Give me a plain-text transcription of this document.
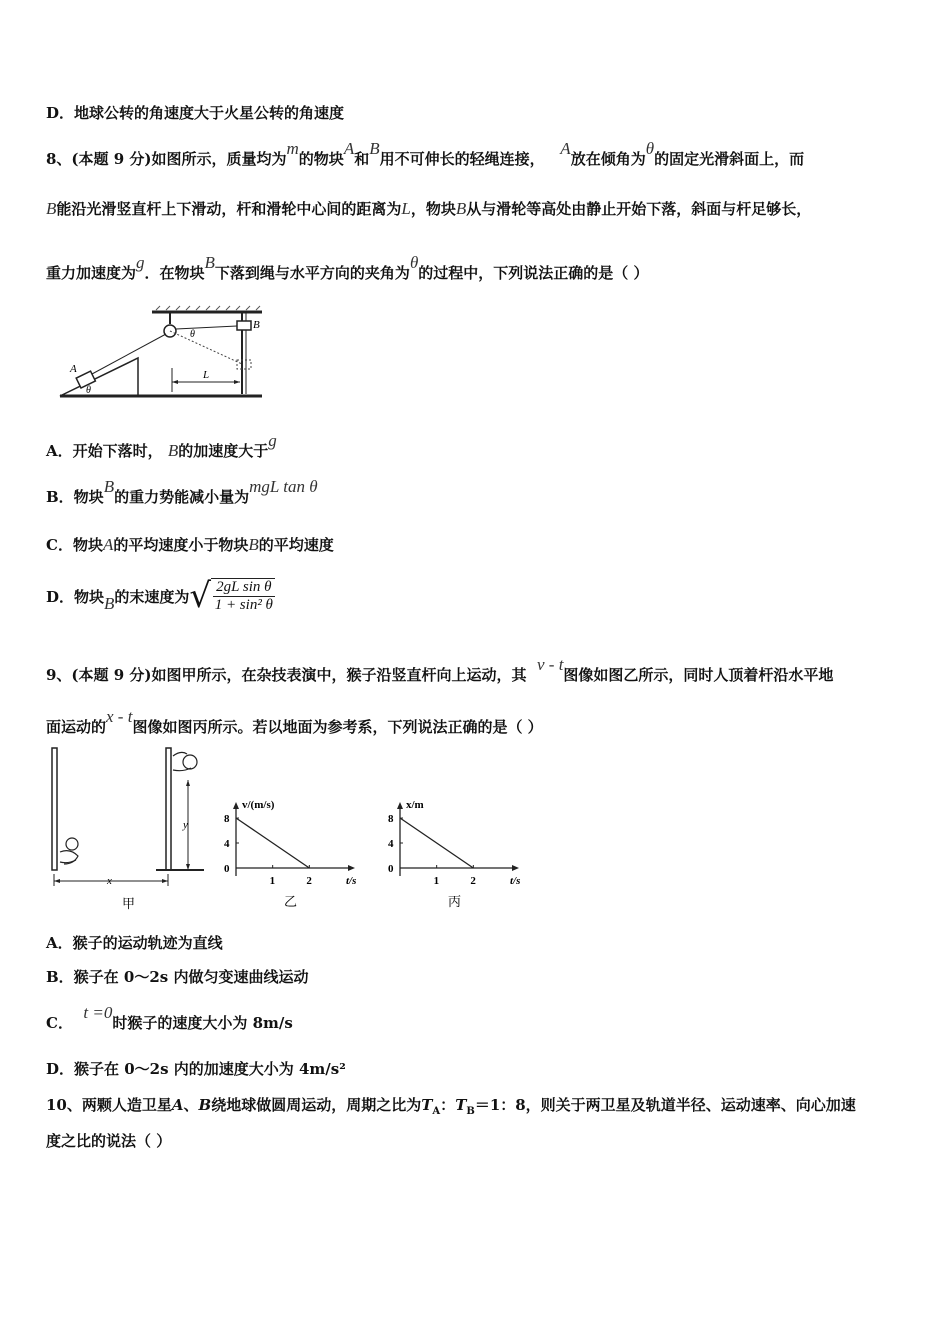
D．地球公转的角速度大于火星公转的角速度
8、(本题 9 分)如图所示，质量均为m的物块A和B用不可伸长的轻绳连接，   A放在倾角为θ的固定光滑斜面上，而
B能沿光滑竖直杆上下滑动，杆和滑轮中心间的距离为L，物块B从与滑轮等高处由静止开始下落，斜面与杆足够长，
重力加速度为g．在物块B下落到绳与水平方向的夹角为θ的过程中，下列说法正确的是（ ）
B
θ
A
θ
L
A．开始下落时， B的加速度大于g
B．物块B的重力势能减小量为mgL tan θ
C．物块A的平均速度小于物块B的平均速度
D．物块 B 的末速度为 √ $\frac{\text{2gL sin θ}}{\text{1 + sin² θ}}$
9、(本题 9 分)如图甲所示，在杂技表演中，猴子沿竖直杆向上运动，其  v - t图像如图乙所示，同时人顶着杆沿水平地
面运动的x - t图像如图丙所示。若以地面为参考系，下列说法正确的是（ ）
y
x
甲
v/(m/s)
t/s
0
4
8
1	2
乙
x/m
t/s
0
4
8
1	2
丙
A．猴子的运动轨迹为直线
B．猴子在 0～2s 内做匀变速曲线运动
C．  t =0时猴子的速度大小为 8m/s
D．猴子在 0～2s 内的加速度大小为 4m/s²
10、两颗人造卫星A、B绕地球做圆周运动，周期之比为$T_A$：$T_B=1$：8，则关于两卫星及轨道半径、运动速率、向心加速
度之比的说法（ ）
